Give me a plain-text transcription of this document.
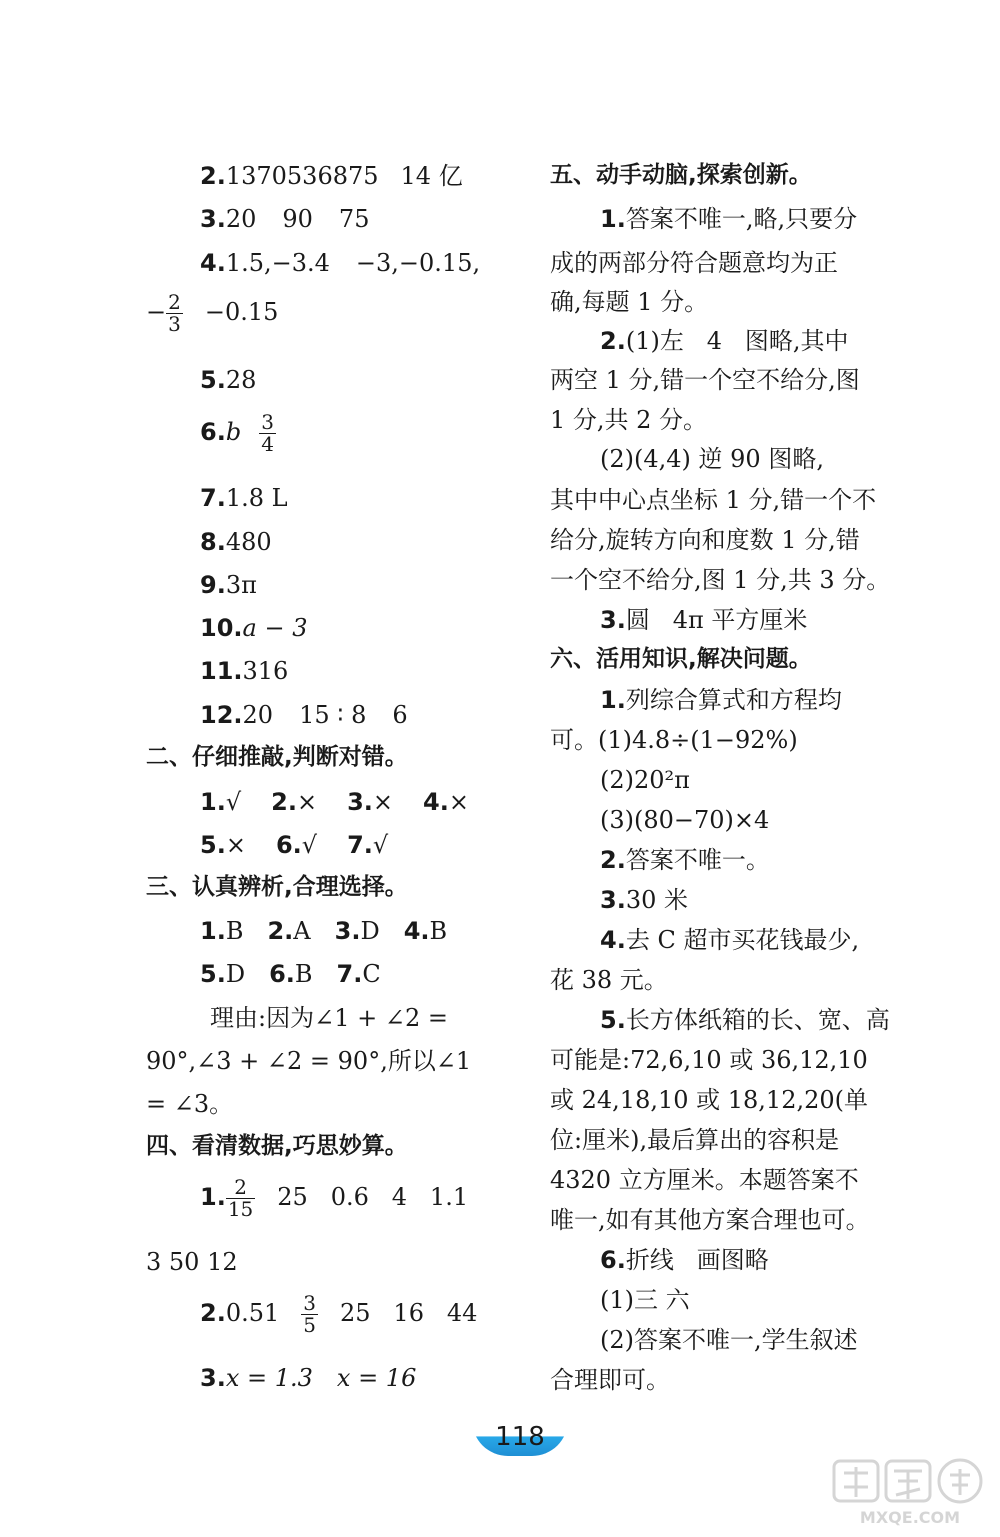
2.1370536875 14 亿
3.20 90 75
4.1.5,−3.4 −3,−0.15,
− $\frac{2}{3} -0.15$
5.28
$6.b \frac{3}{4}$
7.1.8 L
8.480
9.3π
10.a − 3
11.316
12.20 15 ∶ 8 6
二、仔细推敲,判断对错。
1.√ 2.× 3.× 4.×
5.× 6.√ 7.√
三、认真辨析,合理选择。
1.B 2.A 3.D 4.B
5.D 6.B 7.C
理由:因为∠1 + ∠2 =
90°,∠3 + ∠2 = 90°,所以∠1
= ∠3。
四、看清数据,巧思妙算。
1. $\frac{2}{15} 25$   0.6   4   1.1
3 50 12
$2.0.51 \frac{3}{5} 25$   16   44
3.x = 1.3 x = 16
五、动手动脑,探索创新。
1.答案不唯一,略,只要分
成的两部分符合题意均为正
确,每题 1 分。
2.(1)左   4   图略,其中
两空 1 分,错一个空不给分,图
1 分,共 2 分。
(2)(4,4) 逆 90 图略,
其中中心点坐标 1 分,错一个不
给分,旋转方向和度数 1 分,错
一个空不给分,图 1 分,共 3 分。
3.圆   4π 平方厘米
六、活用知识,解决问题。
1.列综合算式和方程均
可。(1)4.8÷(1−92%)
(2)20²π
(3)(80−70)×4
2.答案不唯一。
3.30 米
4.去 C 超市买花钱最少,
花 38 元。
5.长方体纸箱的长、宽、高
可能是:72,6,10 或 36,12,10
或 24,18,10 或 18,12,20(单
位:厘米),最后算出的容积是
4320 立方厘米。本题答案不
唯一,如有其他方案合理也可。
6.折线   画图略
(1)三 六
(2)答案不唯一,学生叙述
合理即可。
118
MXQE.COM
